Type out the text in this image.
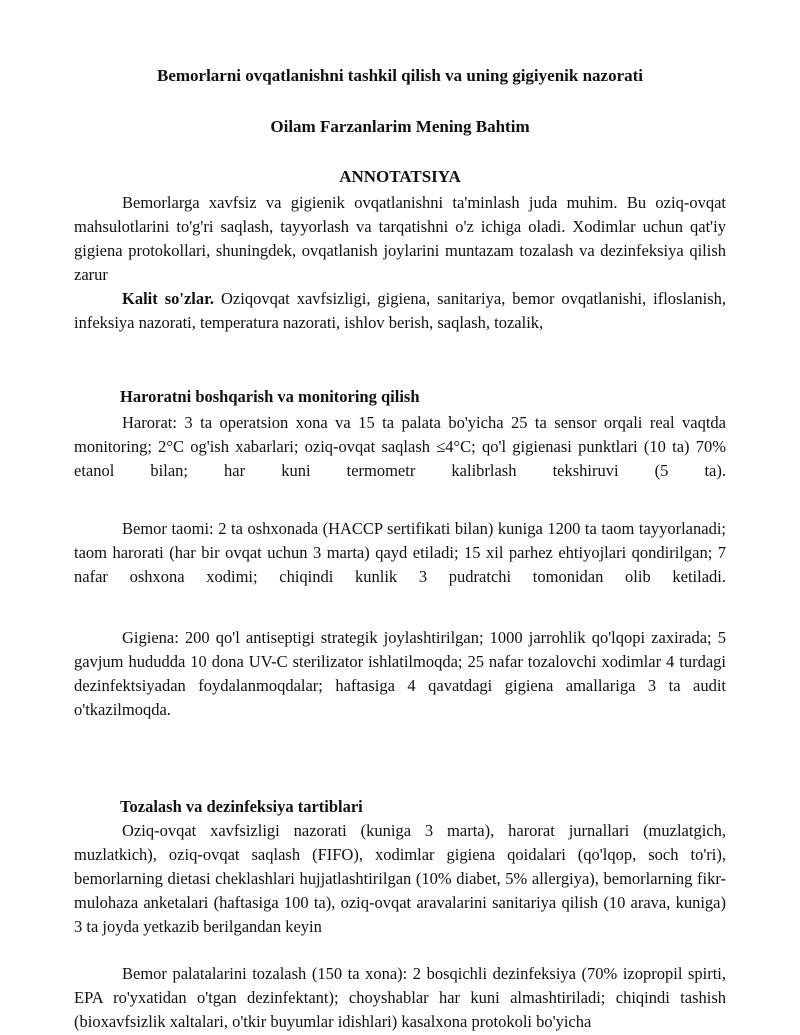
Bemorlarni ovqatlanishni tashkil qilish va uning gigiyenik nazorati

Oilam Farzanlarim Mening Bahtim

ANNOTATSIYA

Bemorlarga xavfsiz va gigienik ovqatlanishni ta'minlash juda muhim. Bu oziq-ovqat mahsulotlarini to'g'ri saqlash, tayyorlash va tarqatishni o'z ichiga oladi. Xodimlar uchun qat'iy gigiena protokollari, shuningdek, ovqatlanish joylarini muntazam tozalash va dezinfeksiya qilish zarur

Kalit so'zlar. Oziqovqat xavfsizligi, gigiena, sanitariya, bemor ovqatlanishi, ifloslanish, infeksiya nazorati, temperatura nazorati, ishlov berish, saqlash, tozalik,

Haroratni boshqarish va monitoring qilish

Harorat: 3 ta operatsion xona va 15 ta palata bo'yicha 25 ta sensor orqali real vaqtda monitoring; 2°C og'ish xabarlari; oziq-ovqat saqlash ≤4°C; qo'l gigienasi punktlari (10 ta) 70% etanol bilan; har kuni termometr kalibrlash tekshiruvi (5 ta).

Bemor taomi: 2 ta oshxonada (HACCP sertifikati bilan) kuniga 1200 ta taom tayyorlanadi; taom harorati (har bir ovqat uchun 3 marta) qayd etiladi; 15 xil parhez ehtiyojlari qondirilgan; 7 nafar oshxona xodimi; chiqindi kunlik 3 pudratchi tomonidan olib ketiladi.

Gigiena: 200 qo'l antiseptigi strategik joylashtirilgan; 1000 jarrohlik qo'lqopi zaxirada; 5 gavjum hududda 10 dona UV-C sterilizator ishlatilmoqda; 25 nafar tozalovchi xodimlar 4 turdagi dezinfektsiyadan foydalanmoqdalar; haftasiga 4 qavatdagi gigiena amallariga 3 ta audit o'tkazilmoqda.

Tozalash va dezinfeksiya tartiblari

Oziq-ovqat xavfsizligi nazorati (kuniga 3 marta), harorat jurnallari (muzlatgich, muzlatkich), oziq-ovqat saqlash (FIFO), xodimlar gigiena qoidalari (qo'lqop, soch to'ri), bemorlarning dietasi cheklashlari hujjatlashtirilgan (10% diabet, 5% allergiya), bemorlarning fikr-mulohaza anketalari (haftasiga 100 ta), oziq-ovqat aravalarini sanitariya qilish (10 arava, kuniga) 3 ta joyda yetkazib berilgandan keyin

Bemor palatalarini tozalash (150 ta xona): 2 bosqichli dezinfeksiya (70% izopropil spirti, EPA ro'yxatidan o'tgan dezinfektant); choyshablar har kuni almashtiriladi; chiqindi tashish (bioxavfsizlik xaltalari, o'tkir buyumlar idishlari) kasalxona protokoli bo'yicha
